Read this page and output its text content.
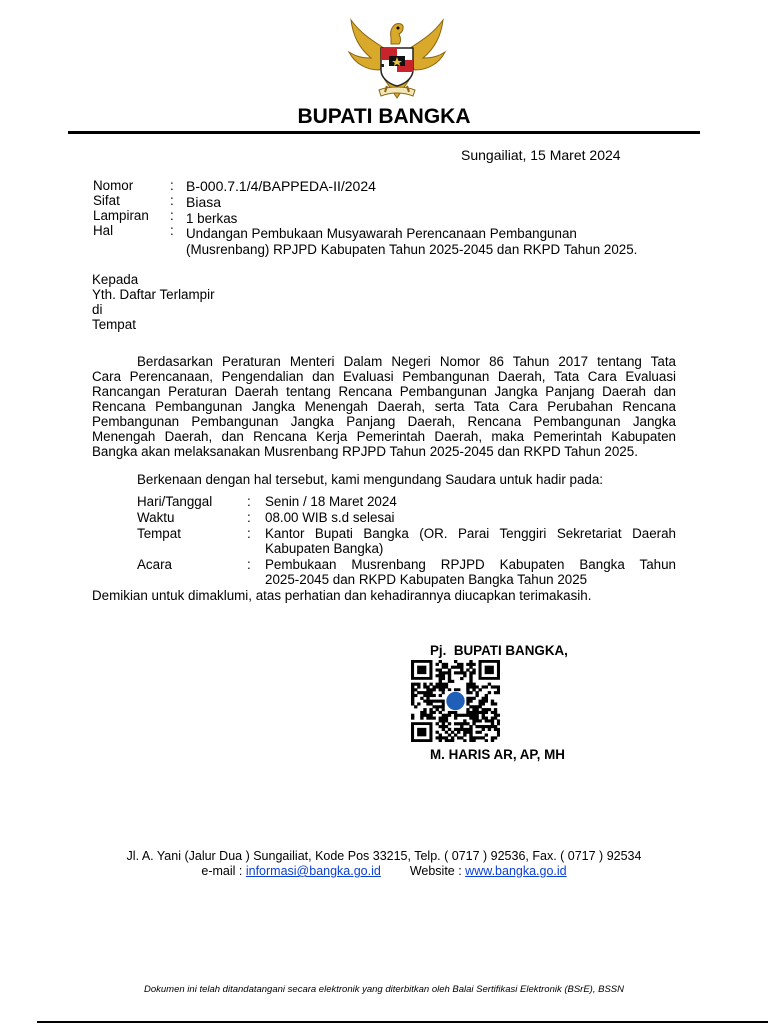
BUPATI BANGKA
Sungailiat, 15 Maret 2024
Nomor	: B-000.7.1/4/BAPPEDA-II/2024
Sifat	: Biasa
Lampiran : 1 berkas
Hal	: Undangan Pembukaan Musyawarah Perencanaan Pembangunan
(Musrenbang) RPJPD Kabupaten Tahun 2025-2045 dan RKPD Tahun 2025.
Kepada
Yth. Daftar Terlampir
di
Tempat
Berdasarkan Peraturan Menteri Dalam Negeri Nomor 86 Tahun 2017 tentang Tata
Cara Perencanaan, Pengendalian dan Evaluasi Pembangunan Daerah, Tata Cara Evaluasi
Rancangan Peraturan Daerah tentang Rencana Pembangunan Jangka Panjang Daerah dan
Rencana Pembangunan Jangka Menengah Daerah, serta Tata Cara Perubahan Rencana
Pembangunan Pembangunan Jangka Panjang Daerah, Rencana Pembangunan Jangka
Menengah Daerah, dan Rencana Kerja Pemerintah Daerah, maka Pemerintah Kabupaten
Bangka akan melaksanakan Musrenbang RPJPD Tahun 2025-2045 dan RKPD Tahun 2025.
Berkenaan dengan hal tersebut, kami mengundang Saudara untuk hadir pada:
Hari/Tanggal	: Senin / 18 Maret 2024
Waktu	: 08.00 WIB s.d selesai
Tempat	: Kantor Bupati Bangka (OR. Parai Tenggiri Sekretariat Daerah
Kabupaten Bangka)
Acara	: Pembukaan Musrenbang RPJPD Kabupaten Bangka Tahun
2025-2045 dan RKPD Kabupaten Bangka Tahun 2025
Demikian untuk dimaklumi, atas perhatian dan kehadirannya diucapkan terimakasih.
Pj.  BUPATI BANGKA,
M. HARIS AR, AP, MH
Jl. A. Yani (Jalur Dua ) Sungailiat, Kode Pos 33215, Telp. ( 0717 ) 92536, Fax. ( 0717 ) 92534
e-mail : informasi@bangka.go.id Website : www.bangka.go.id
Dokumen ini telah ditandatangani secara elektronik yang diterbitkan oleh Balai Sertifikasi Elektronik (BSrE), BSSN
